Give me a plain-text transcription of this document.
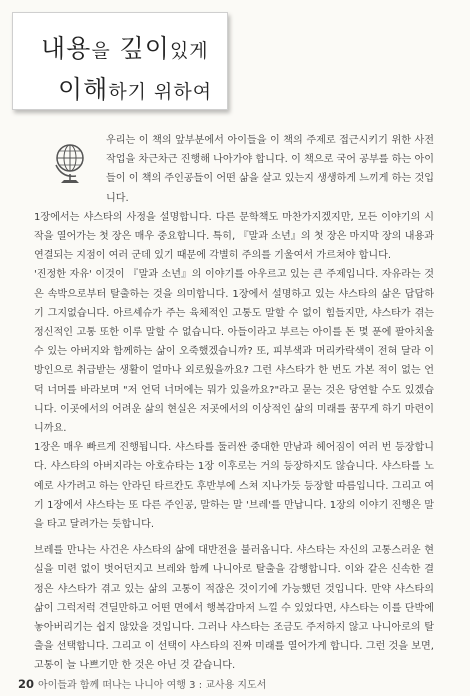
내용을 깊이있게
이해하기 위하여

우리는 이 책의 앞부분에서 아이들을 이 책의 주제로 접근시키기 위한 사전 작업을 차근차근 진행해 나아가야 합니다. 이 책으로 국어 공부를 하는 아이들이 이 책의 주인공들이 어떤 삶을 살고 있는지 생생하게 느끼게 하는 것입니다.

1장에서는 샤스타의 사정을 설명합니다. 다른 문학책도 마찬가지겠지만, 모든 이야기의 시작을 열어가는 첫 장은 매우 중요합니다. 특히, 『말과 소년』의 첫 장은 마지막 장의 내용과 연결되는 지점이 여러 군데 있기 때문에 각별히 주의를 기울여서 가르쳐야 합니다.

'진정한 자유' 이것이 『말과 소년』의 이야기를 아우르고 있는 큰 주제입니다. 자유라는 것은 속박으로부터 탈출하는 것을 의미합니다. 1장에서 설명하고 있는 샤스타의 삶은 답답하기 그지없습니다. 아르셰슈가 주는 육체적인 고통도 말할 수 없이 힘들지만, 샤스타가 겪는 정신적인 고통 또한 이루 말할 수 없습니다. 아들이라고 부르는 아이를 돈 몇 푼에 팔아치울 수 있는 아버지와 함께하는 삶이 오죽했겠습니까? 또, 피부색과 머리카락색이 전혀 달라 이방인으로 취급받는 생활이 얼마나 외로웠을까요? 그런 샤스타가 한 번도 가본 적이 없는 언덕 너머를 바라보며 "저 언덕 너머에는 뭐가 있을까요?"라고 묻는 것은 당연할 수도 있겠습니다. 이곳에서의 어려운 삶의 현실은 저곳에서의 이상적인 삶의 미래를 꿈꾸게 하기 마련이니까요.

1장은 매우 빠르게 진행됩니다. 샤스타를 둘러싼 중대한 만남과 헤어짐이 여러 번 등장합니다. 샤스타의 아버지라는 아호슈타는 1장 이후로는 거의 등장하지도 않습니다. 샤스타를 노예로 사가려고 하는 안라딘 타르칸도 후반부에 스쳐 지나가듯 등장할 따름입니다. 그리고 여기 1장에서 샤스타는 또 다른 주인공, 말하는 말 '브레'를 만납니다. 1장의 이야기 진행은 말을 타고 달려가는 듯합니다.

브레를 만나는 사건은 샤스타의 삶에 대반전을 불러옵니다. 샤스타는 자신의 고통스러운 현실을 미련 없이 벗어던지고 브레와 함께 나니아로 탈출을 감행합니다. 이와 같은 신속한 결정은 샤스타가 겪고 있는 삶의 고통이 적잖은 것이기에 가능했던 것입니다. 만약 샤스타의 삶이 그럭저럭 견딜만하고 어떤 면에서 행복감마저 느낄 수 있었다면, 샤스타는 이를 단박에 놓아버리기는 쉽지 않았을 것입니다. 그러나 샤스타는 조금도 주저하지 않고 나니아로의 탈출을 선택합니다. 그리고 이 선택이 샤스타의 진짜 미래를 열어가게 합니다. 그런 것을 보면, 고통이 늘 나쁘기만 한 것은 아닌 것 같습니다.

20 아이들과 함께 떠나는 나니아 여행 3 : 교사용 지도서
